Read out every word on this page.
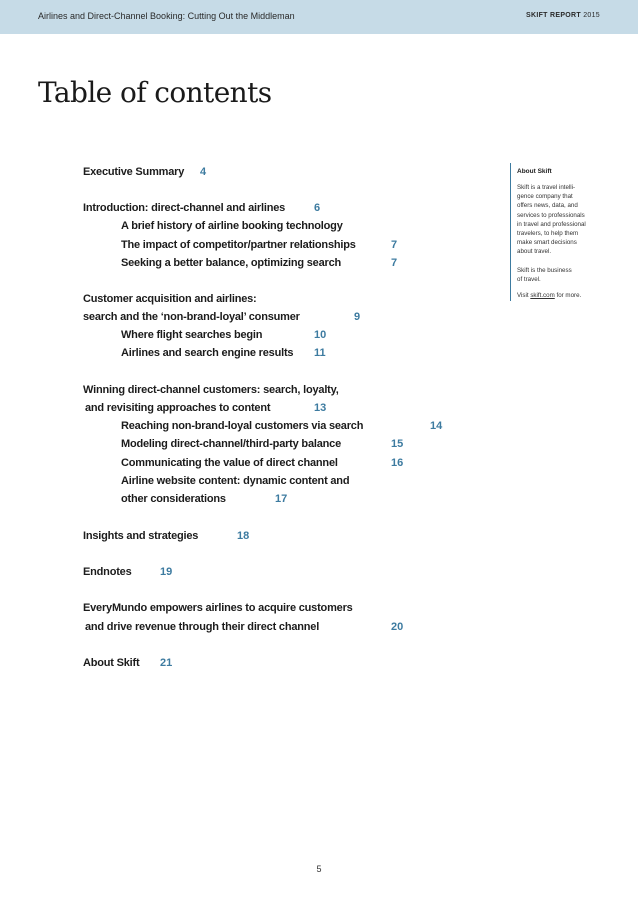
Airlines and Direct-Channel Booking: Cutting Out the Middleman	SKIFT REPORT 2015
Table of contents
Executive Summary 4
Introduction: direct-channel and airlines	6
A brief history of airline booking technology
The impact of competitor/partner relationships	7
Seeking a better balance, optimizing search	7
Customer acquisition and airlines:
search and the ‘non-brand-loyal’ consumer	9
Where flight searches begin	10
Airlines and search engine results 11
Winning direct-channel customers: search, loyalty,
and revisiting approaches to content	13
Reaching non-brand-loyal customers via search	14
Modeling direct-channel/third-party balance	15
Communicating the value of direct channel	16
Airline website content: dynamic content and
other considerations	17
Insights and strategies	18
Endnotes	19
EveryMundo empowers airlines to acquire customers
and drive revenue through their direct channel	20
About Skift 21
About Skift
Skift is a travel intelli-
gence company that
offers news, data, and
services to professionals
in travel and professional
travelers, to help them
make smart decisions
about travel.
Skift is the business
of travel.
Visit skift.com for more.
5
